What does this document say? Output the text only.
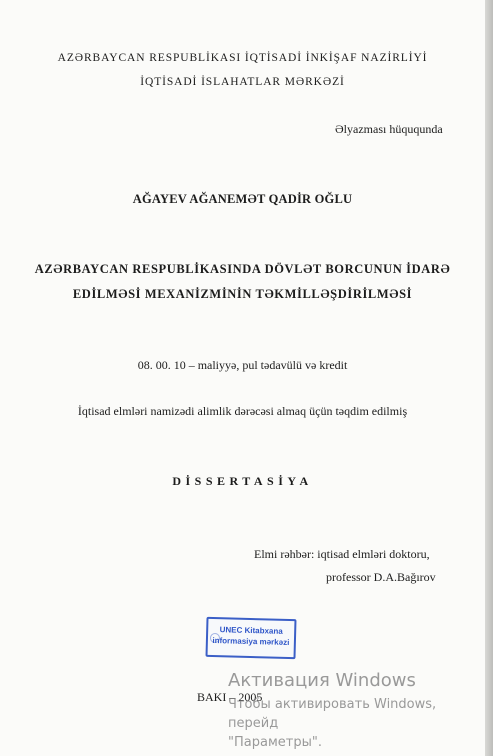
AZƏRBAYCAN RESPUBLİKASI İQTİSADİ İNKİŞAF NAZİRLİYİ
İQTİSADİ İSLAHATLAR MƏRKƏZİ
Əlyazması hüququnda
AĞAYEV AĞANEMƏT QADİR OĞLU
AZƏRBAYCAN RESPUBLİKASINDA DÖVLƏT BORCUNUN İDARƏ
EDİLMƏSİ MEXANİZMİNİN TƏKMİLLƏŞDİRİLMƏSİ
08. 00. 10 – maliyyə, pul tədavülü və kredit
İqtisad elmləri namizədi alimlik dərəcəsi almaq üçün təqdim edilmiş
DİSSERTASİYA
Elmi rəhbər: iqtisad elmləri doktoru,
professor D.A.Bağırov
UNEC Kitabxana
informasiya mərkəzi
BAKI – 2005
Активация Windows
Чтобы активировать Windows, перейд
"Параметры".
